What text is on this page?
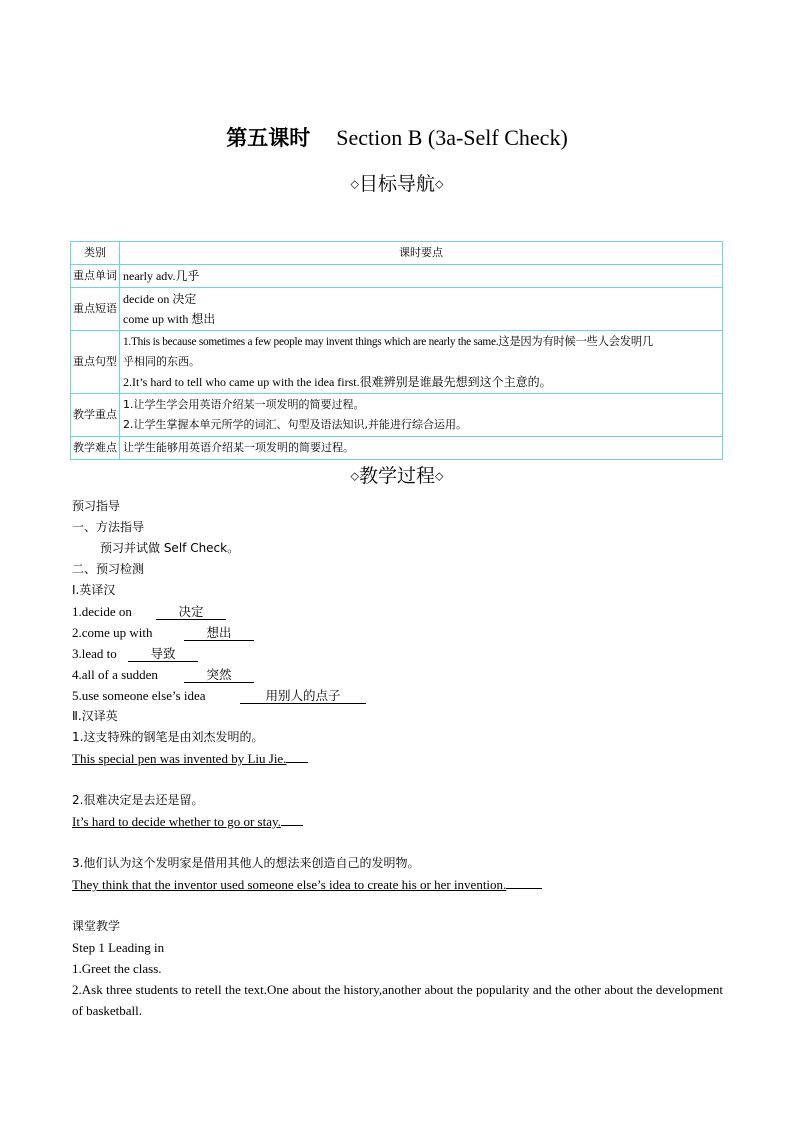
第五课时 Section B (3a-Self Check)
◇目标导航◇
类别	课时要点
重点单词	nearly adv.几乎

重点短语	decide on 决定
come up with 想出

重点句型	1.This is because sometimes a few people may invent things which are nearly the same.这是因为有时候一些人会发明几
乎相同的东西。
2.It’s hard to tell who came up with the idea first.很难辨别是谁最先想到这个主意的。

教学重点	1.让学生学会用英语介绍某一项发明的简要过程。
2.让学生掌握本单元所学的词汇、句型及语法知识,并能进行综合运用。

教学难点	让学生能够用英语介绍某一项发明的简要过程。
◇教学过程◇
预习指导
一、方法指导
预习并试做 Self Check。
二、预习检测
Ⅰ.英译汉
1.decide on	决定
2.come up with	想出
3.lead to	导致
4.all of a sudden	突然
5.use someone else’s idea	用别人的点子
Ⅱ.汉译英
1.这支特殊的钢笔是由刘杰发明的。
This special pen was invented by Liu Jie.
2.很难决定是去还是留。
It’s hard to decide whether to go or stay.
3.他们认为这个发明家是借用其他人的想法来创造自己的发明物。
They think that the inventor used someone else’s idea to create his or her invention.
课堂教学
Step 1 Leading in
1.Greet the class.
2.Ask three students to retell the text.One about the history,another about the popularity and the other about the development of basketball.
